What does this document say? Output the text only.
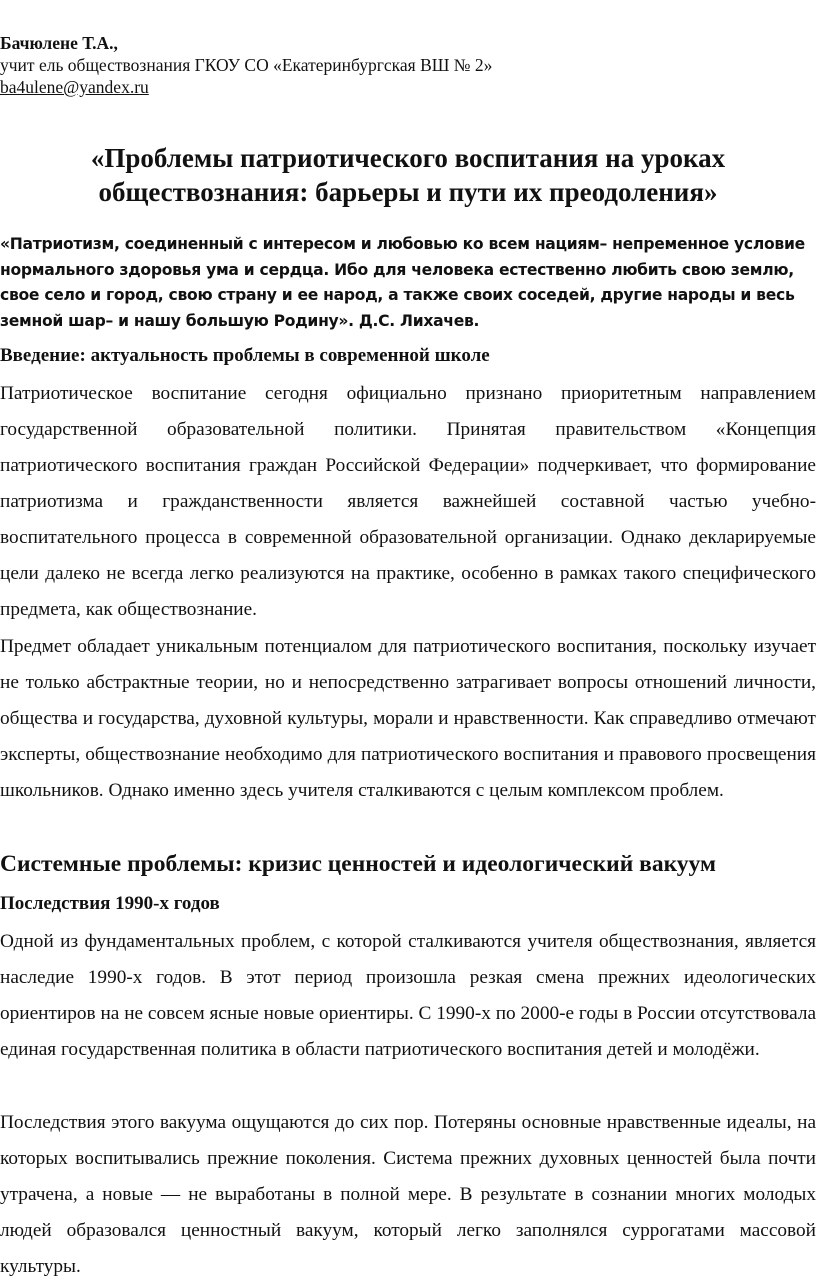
Бачюлене Т.А.,
учит ель обществознания ГКОУ СО «Екатеринбургская ВШ № 2»
ba4ulene@yandex.ru
«Проблемы патриотического воспитания на уроках обществознания: барьеры и пути их преодоления»
«Патриотизм, соединенный с интересом и любовью ко всем нациям– непременное условие нормального здоровья ума и сердца. Ибо для человека естественно любить свою землю, свое село и город, свою страну и ее народ, а также своих соседей, другие народы и весь земной шар– и нашу большую Родину». Д.С. Лихачев.
Введение: актуальность проблемы в современной школе
Патриотическое воспитание сегодня официально признано приоритетным направлением государственной образовательной политики. Принятая правительством «Концепция патриотического воспитания граждан Российской Федерации» подчеркивает, что формирование патриотизма и гражданственности является важнейшей составной частью учебно-воспитательного процесса в современной образовательной организации. Однако декларируемые цели далеко не всегда легко реализуются на практике, особенно в рамках такого специфического предмета, как обществознание.
Предмет обладает уникальным потенциалом для патриотического воспитания, поскольку изучает не только абстрактные теории, но и непосредственно затрагивает вопросы отношений личности, общества и государства, духовной культуры, морали и нравственности. Как справедливо отмечают эксперты, обществознание необходимо для патриотического воспитания и правового просвещения школьников. Однако именно здесь учителя сталкиваются с целым комплексом проблем.
Системные проблемы: кризис ценностей и идеологический вакуум
Последствия 1990-х годов
Одной из фундаментальных проблем, с которой сталкиваются учителя обществознания, является наследие 1990-х годов. В этот период произошла резкая смена прежних идеологических ориентиров на не совсем ясные новые ориентиры. С 1990-х по 2000-е годы в России отсутствовала единая государственная политика в области патриотического воспитания детей и молодёжи.
Последствия этого вакуума ощущаются до сих пор. Потеряны основные нравственные идеалы, на которых воспитывались прежние поколения. Система прежних духовных ценностей была почти утрачена, а новые — не выработаны в полной мере. В результате в сознании многих молодых людей образовался ценностный вакуум, который легко заполнялся суррогатами массовой культуры.
